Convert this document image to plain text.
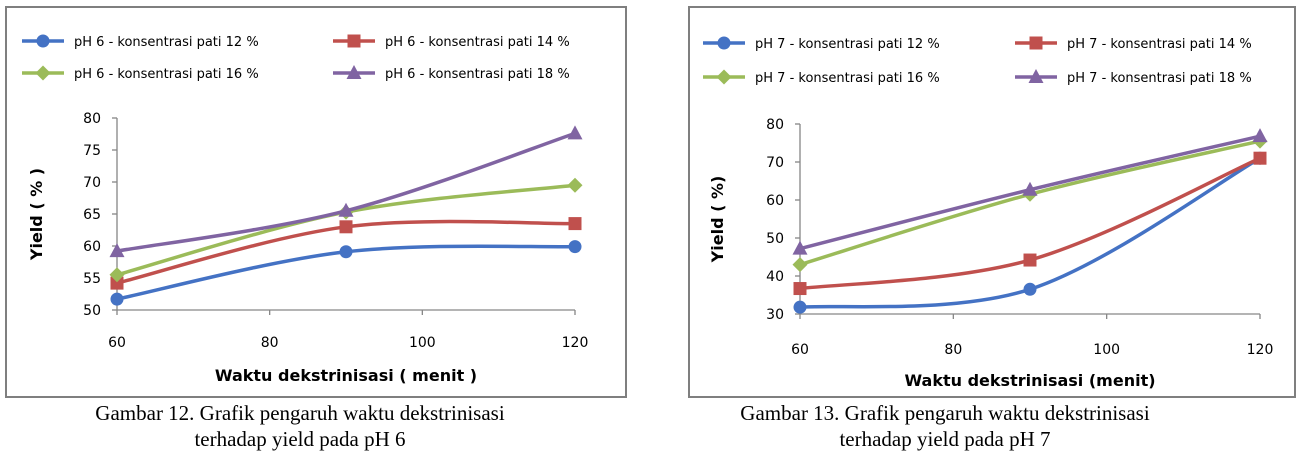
50
55
60
65
70
75
80
60	80	100	120
Waktu dekstrinisasi ( menit )
Yield ( % )
pH 6 - konsentrasi pati 12 %	pH 6 - konsentrasi pati 14 %
pH 6 - konsentrasi pati 16 %	pH 6 - konsentrasi pati 18 %
30
40
50
60
70
80
60	80	100	120
Waktu dekstrinisasi (menit)
Yield ( %)
pH 7 - konsentrasi pati 12 %	pH 7 - konsentrasi pati 14 %
pH 7 - konsentrasi pati 16 %	pH 7 - konsentrasi pati 18 %
Gambar 12. Grafik pengaruh waktu dekstrinisasi
terhadap yield pada pH 6
Gambar 13. Grafik pengaruh waktu dekstrinisasi
terhadap yield pada pH 7
